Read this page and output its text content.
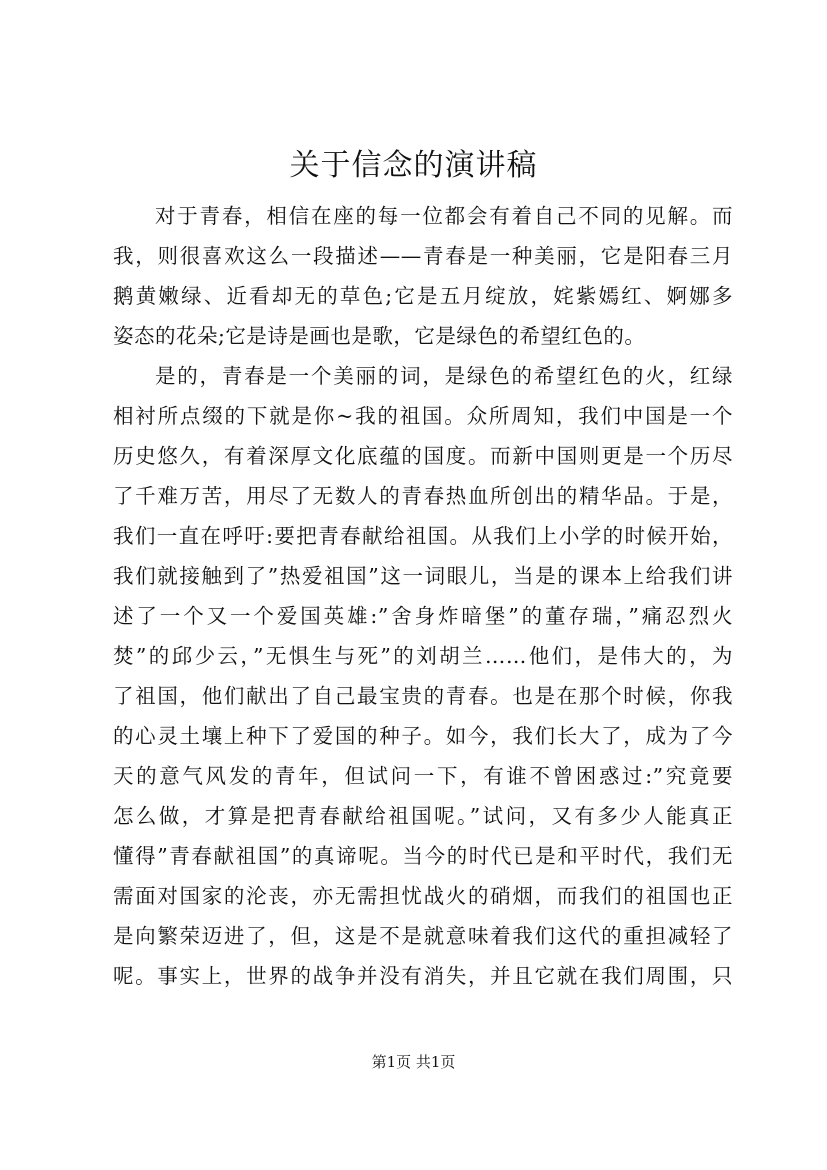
关于信念的演讲稿
对于青春，相信在座的每一位都会有着自己不同的见解。而
我，则很喜欢这么一段描述——青春是一种美丽，它是阳春三月
鹅黄嫩绿、近看却无的草色;它是五月绽放，姹紫嫣红、婀娜多
姿态的花朵;它是诗是画也是歌，它是绿色的希望红色的。
是的，青春是一个美丽的词，是绿色的希望红色的火，红绿
相衬所点缀的下就是你~我的祖国。众所周知，我们中国是一个
历史悠久，有着深厚文化底蕴的国度。而新中国则更是一个历尽
了千难万苦，用尽了无数人的青春热血所创出的精华品。于是，
我们一直在呼吁:要把青春献给祖国。从我们上小学的时候开始，
我们就接触到了”热爱祖国”这一词眼儿，当是的课本上给我们讲
述了一个又一个爱国英雄:”舍身炸暗堡”的董存瑞，”痛忍烈火
焚”的邱少云，”无惧生与死”的刘胡兰……他们，是伟大的，为
了祖国，他们献出了自己最宝贵的青春。也是在那个时候，你我
的心灵土壤上种下了爱国的种子。如今，我们长大了，成为了今
天的意气风发的青年，但试问一下，有谁不曾困惑过:”究竟要
怎么做，才算是把青春献给祖国呢。”试问，又有多少人能真正
懂得”青春献祖国”的真谛呢。当今的时代已是和平时代，我们无
需面对国家的沦丧，亦无需担忧战火的硝烟，而我们的祖国也正
是向繁荣迈进了，但，这是不是就意味着我们这代的重担减轻了
呢。事实上，世界的战争并没有消失，并且它就在我们周围，只
第1页 共1页
